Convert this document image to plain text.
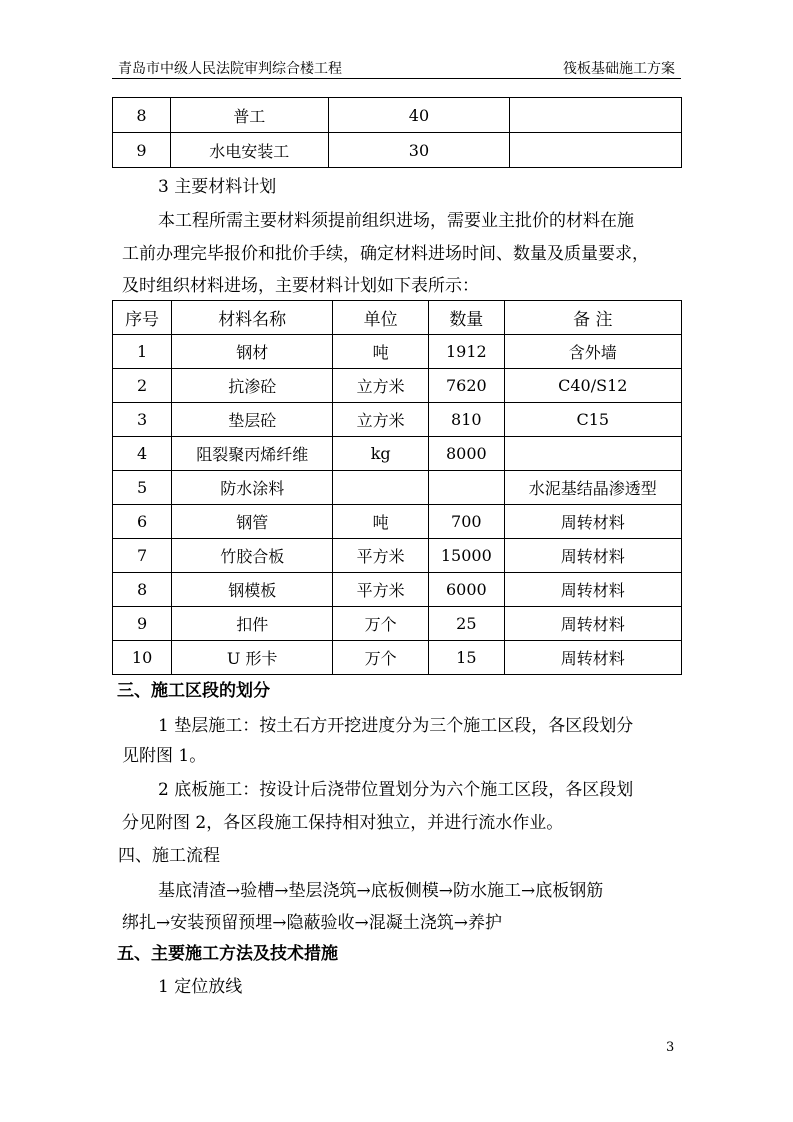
青岛市中级人民法院审判综合楼工程	筏板基础施工方案
8	普工	40	
9	水电安装工	30	
3 主要材料计划
本工程所需主要材料须提前组织进场，需要业主批价的材料在施
工前办理完毕报价和批价手续，确定材料进场时间、数量及质量要求，
及时组织材料进场，主要材料计划如下表所示：
序号	材料名称	单位	数量	备 注
1	钢材	吨	1912	含外墙
2	抗渗砼	立方米	7620	C40/S12
3	垫层砼	立方米	810	C15
4	阻裂聚丙烯纤维	kg	8000	
5	防水涂料			水泥基结晶渗透型
6	钢管	吨	700	周转材料
7	竹胶合板	平方米	15000	周转材料
8	钢模板	平方米	6000	周转材料
9	扣件	万个	25	周转材料
10	U 形卡	万个	15	周转材料
三、施工区段的划分
1 垫层施工：按土石方开挖进度分为三个施工区段，各区段划分
见附图 1。
2 底板施工：按设计后浇带位置划分为六个施工区段，各区段划
分见附图 2，各区段施工保持相对独立，并进行流水作业。
四、施工流程
基底清渣→验槽→垫层浇筑→底板侧模→防水施工→底板钢筋
绑扎→安装预留预埋→隐蔽验收→混凝土浇筑→养护
五、主要施工方法及技术措施
1 定位放线
3
